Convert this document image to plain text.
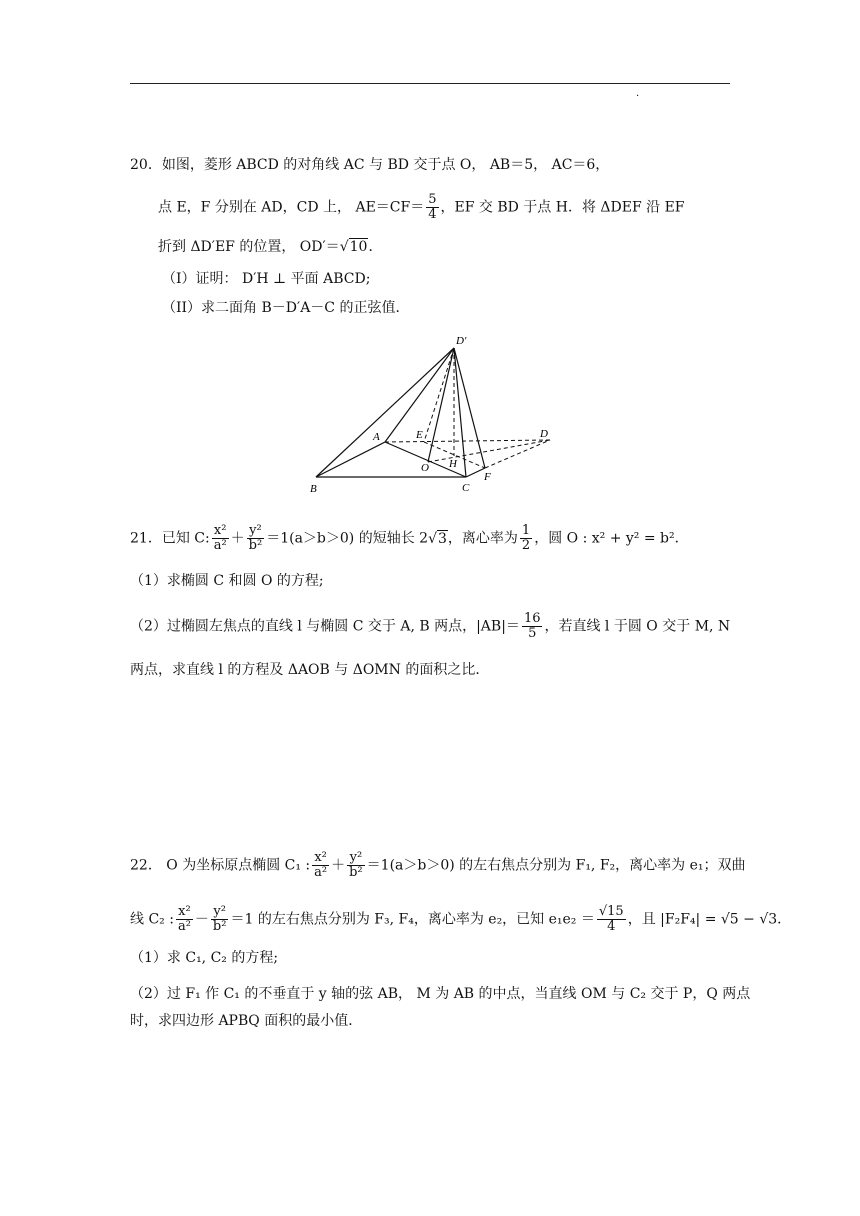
·
20．如图，菱形 ABCD 的对角线 AC 与 BD 交于点 O， AB＝5， AC＝6，
点 E，F 分别在 AD，CD 上， $AE=CF= \frac{5}{4}$ ，EF 交 BD 于点 H．将 ΔDEF 沿 EF
折到 ΔD′EF 的位置， OD′＝√10．
（I）证明： D′H ⊥ 平面 ABCD;
（II）求二面角 B－D′A－C 的正弦值．
D′
A	E	D
O H
F
B	C
21．已知 C: $\frac{\text{x²}}{\text{a²}} + \frac{\text{y²}}{\text{b²}} =1(a>b>0)$ 的短轴长 2√3，离心率为 $\frac{1}{2}$ ，圆 O : x² + y² = b²．
（1）求椭圆 C 和圆 O 的方程;
（2）过椭圆左焦点的直线 l 与椭圆 C 交于 A, B 两点，$|AB|= \frac{16}{5}$ ，若直线 l 于圆 O 交于 M, N
两点，求直线 l 的方程及 ΔAOB 与 ΔOMN 的面积之比．
22． O 为坐标原点椭圆 C₁ : $\frac{\text{x²}}{\text{a²}} + \frac{\text{y²}}{\text{b²}} =1(a>b>0)$ 的左右焦点分别为 F₁, F₂，离心率为 e₁；双曲
线 C₂ : $\frac{\text{x²}}{\text{a²}} - \frac{\text{y²}}{\text{b²}} =1$ 的左右焦点分别为 F₃, F₄，离心率为 e₂，已知 $e_1e_2 = \frac{√15}{4}$ ，且 |F₂F₄| = √5 − √3．
（1）求 C₁, C₂ 的方程;
（2）过 F₁ 作 C₁ 的不垂直于 y 轴的弦 AB， M 为 AB 的中点，当直线 OM 与 C₂ 交于 P，Q 两点
时，求四边形 APBQ 面积的最小值．
